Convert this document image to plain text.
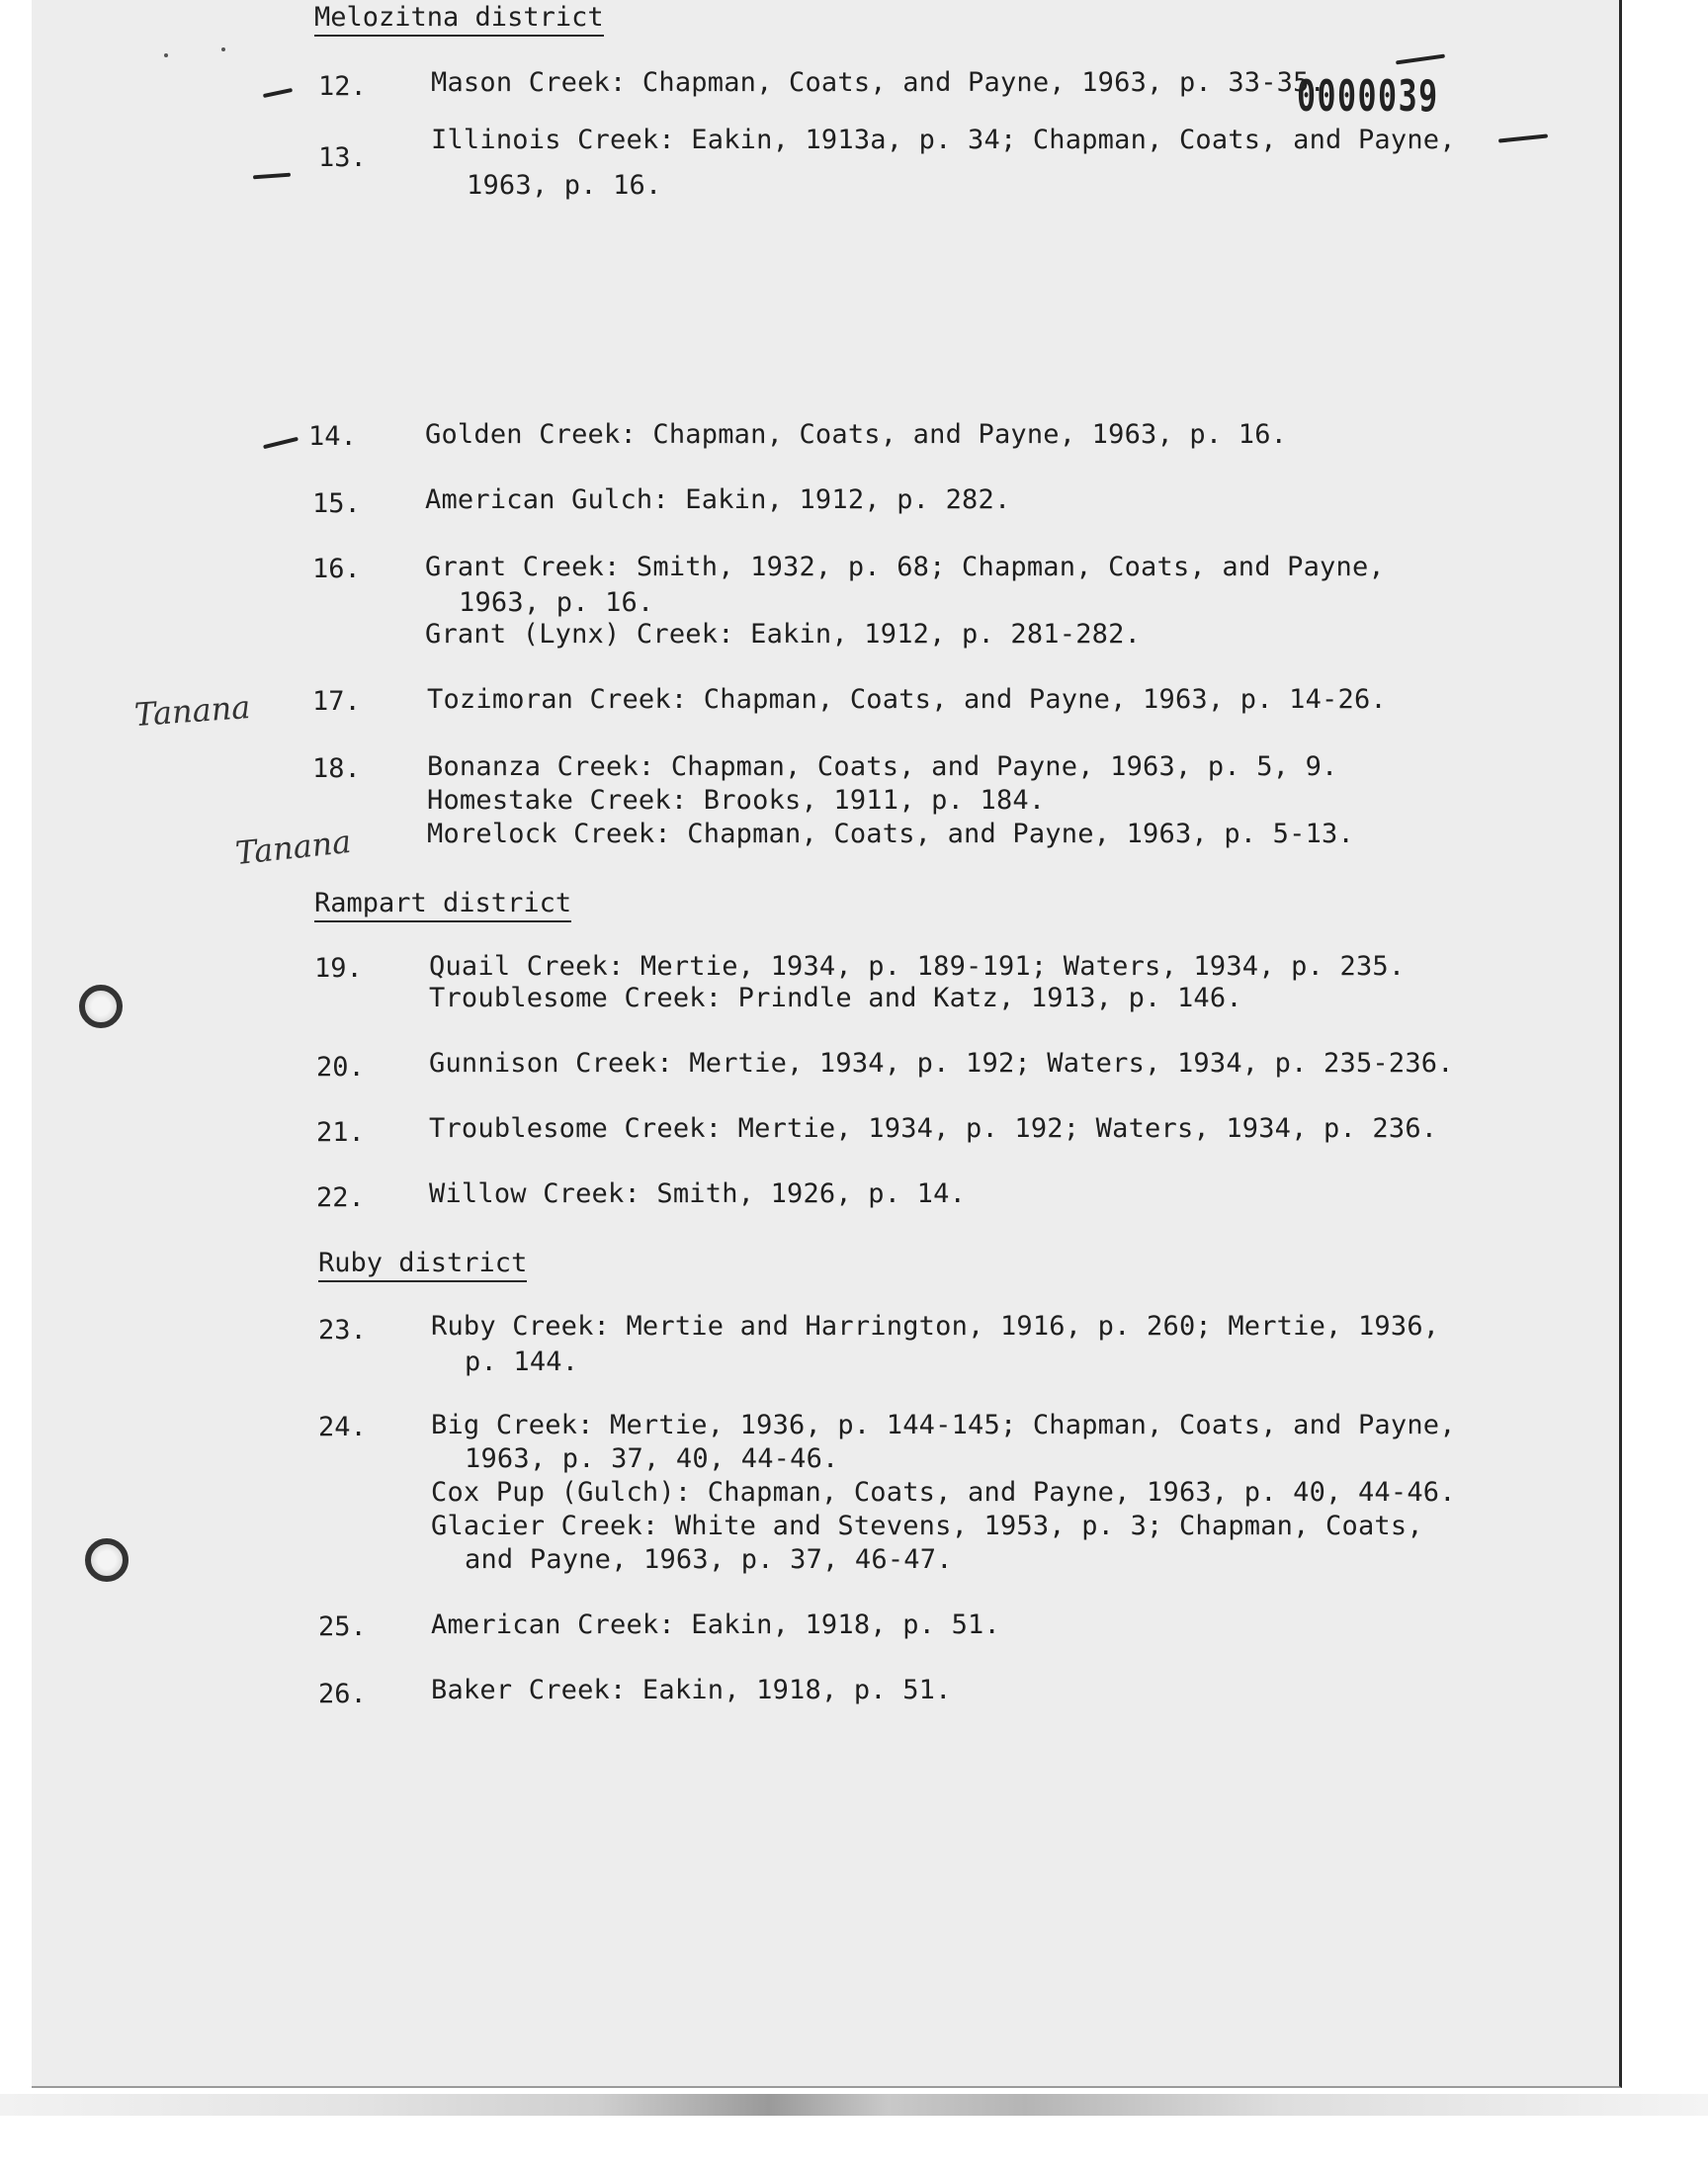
0000039
Tanana
Tanana
Melozitna district
Rampart district
Ruby district
12. Mason Creek: Chapman, Coats, and Payne, 1963, p. 33-35.
13.
Illinois Creek: Eakin, 1913a, p. 34; Chapman, Coats, and Payne,
1963, p. 16.
14.	Golden Creek: Chapman, Coats, and Payne, 1963, p. 16.
15. American Gulch: Eakin, 1912, p. 282.
16. Grant Creek: Smith, 1932, p. 68; Chapman, Coats, and Payne,
1963, p. 16.
Grant (Lynx) Creek: Eakin, 1912, p. 281-282.
17. Tozimoran Creek: Chapman, Coats, and Payne, 1963, p. 14-26.
18. Bonanza Creek: Chapman, Coats, and Payne, 1963, p. 5, 9.
Homestake Creek: Brooks, 1911, p. 184.
Morelock Creek: Chapman, Coats, and Payne, 1963, p. 5-13.
19. Quail Creek: Mertie, 1934, p. 189-191; Waters, 1934, p. 235.
Troublesome Creek: Prindle and Katz, 1913, p. 146.
20. Gunnison Creek: Mertie, 1934, p. 192; Waters, 1934, p. 235-236.
21. Troublesome Creek: Mertie, 1934, p. 192; Waters, 1934, p. 236.
22. Willow Creek: Smith, 1926, p. 14.
23. Ruby Creek: Mertie and Harrington, 1916, p. 260; Mertie, 1936,
p. 144.
24. Big Creek: Mertie, 1936, p. 144-145; Chapman, Coats, and Payne,
1963, p. 37, 40, 44-46.
Cox Pup (Gulch): Chapman, Coats, and Payne, 1963, p. 40, 44-46.
Glacier Creek: White and Stevens, 1953, p. 3; Chapman, Coats,
and Payne, 1963, p. 37, 46-47.
25. American Creek: Eakin, 1918, p. 51.
26. Baker Creek: Eakin, 1918, p. 51.
